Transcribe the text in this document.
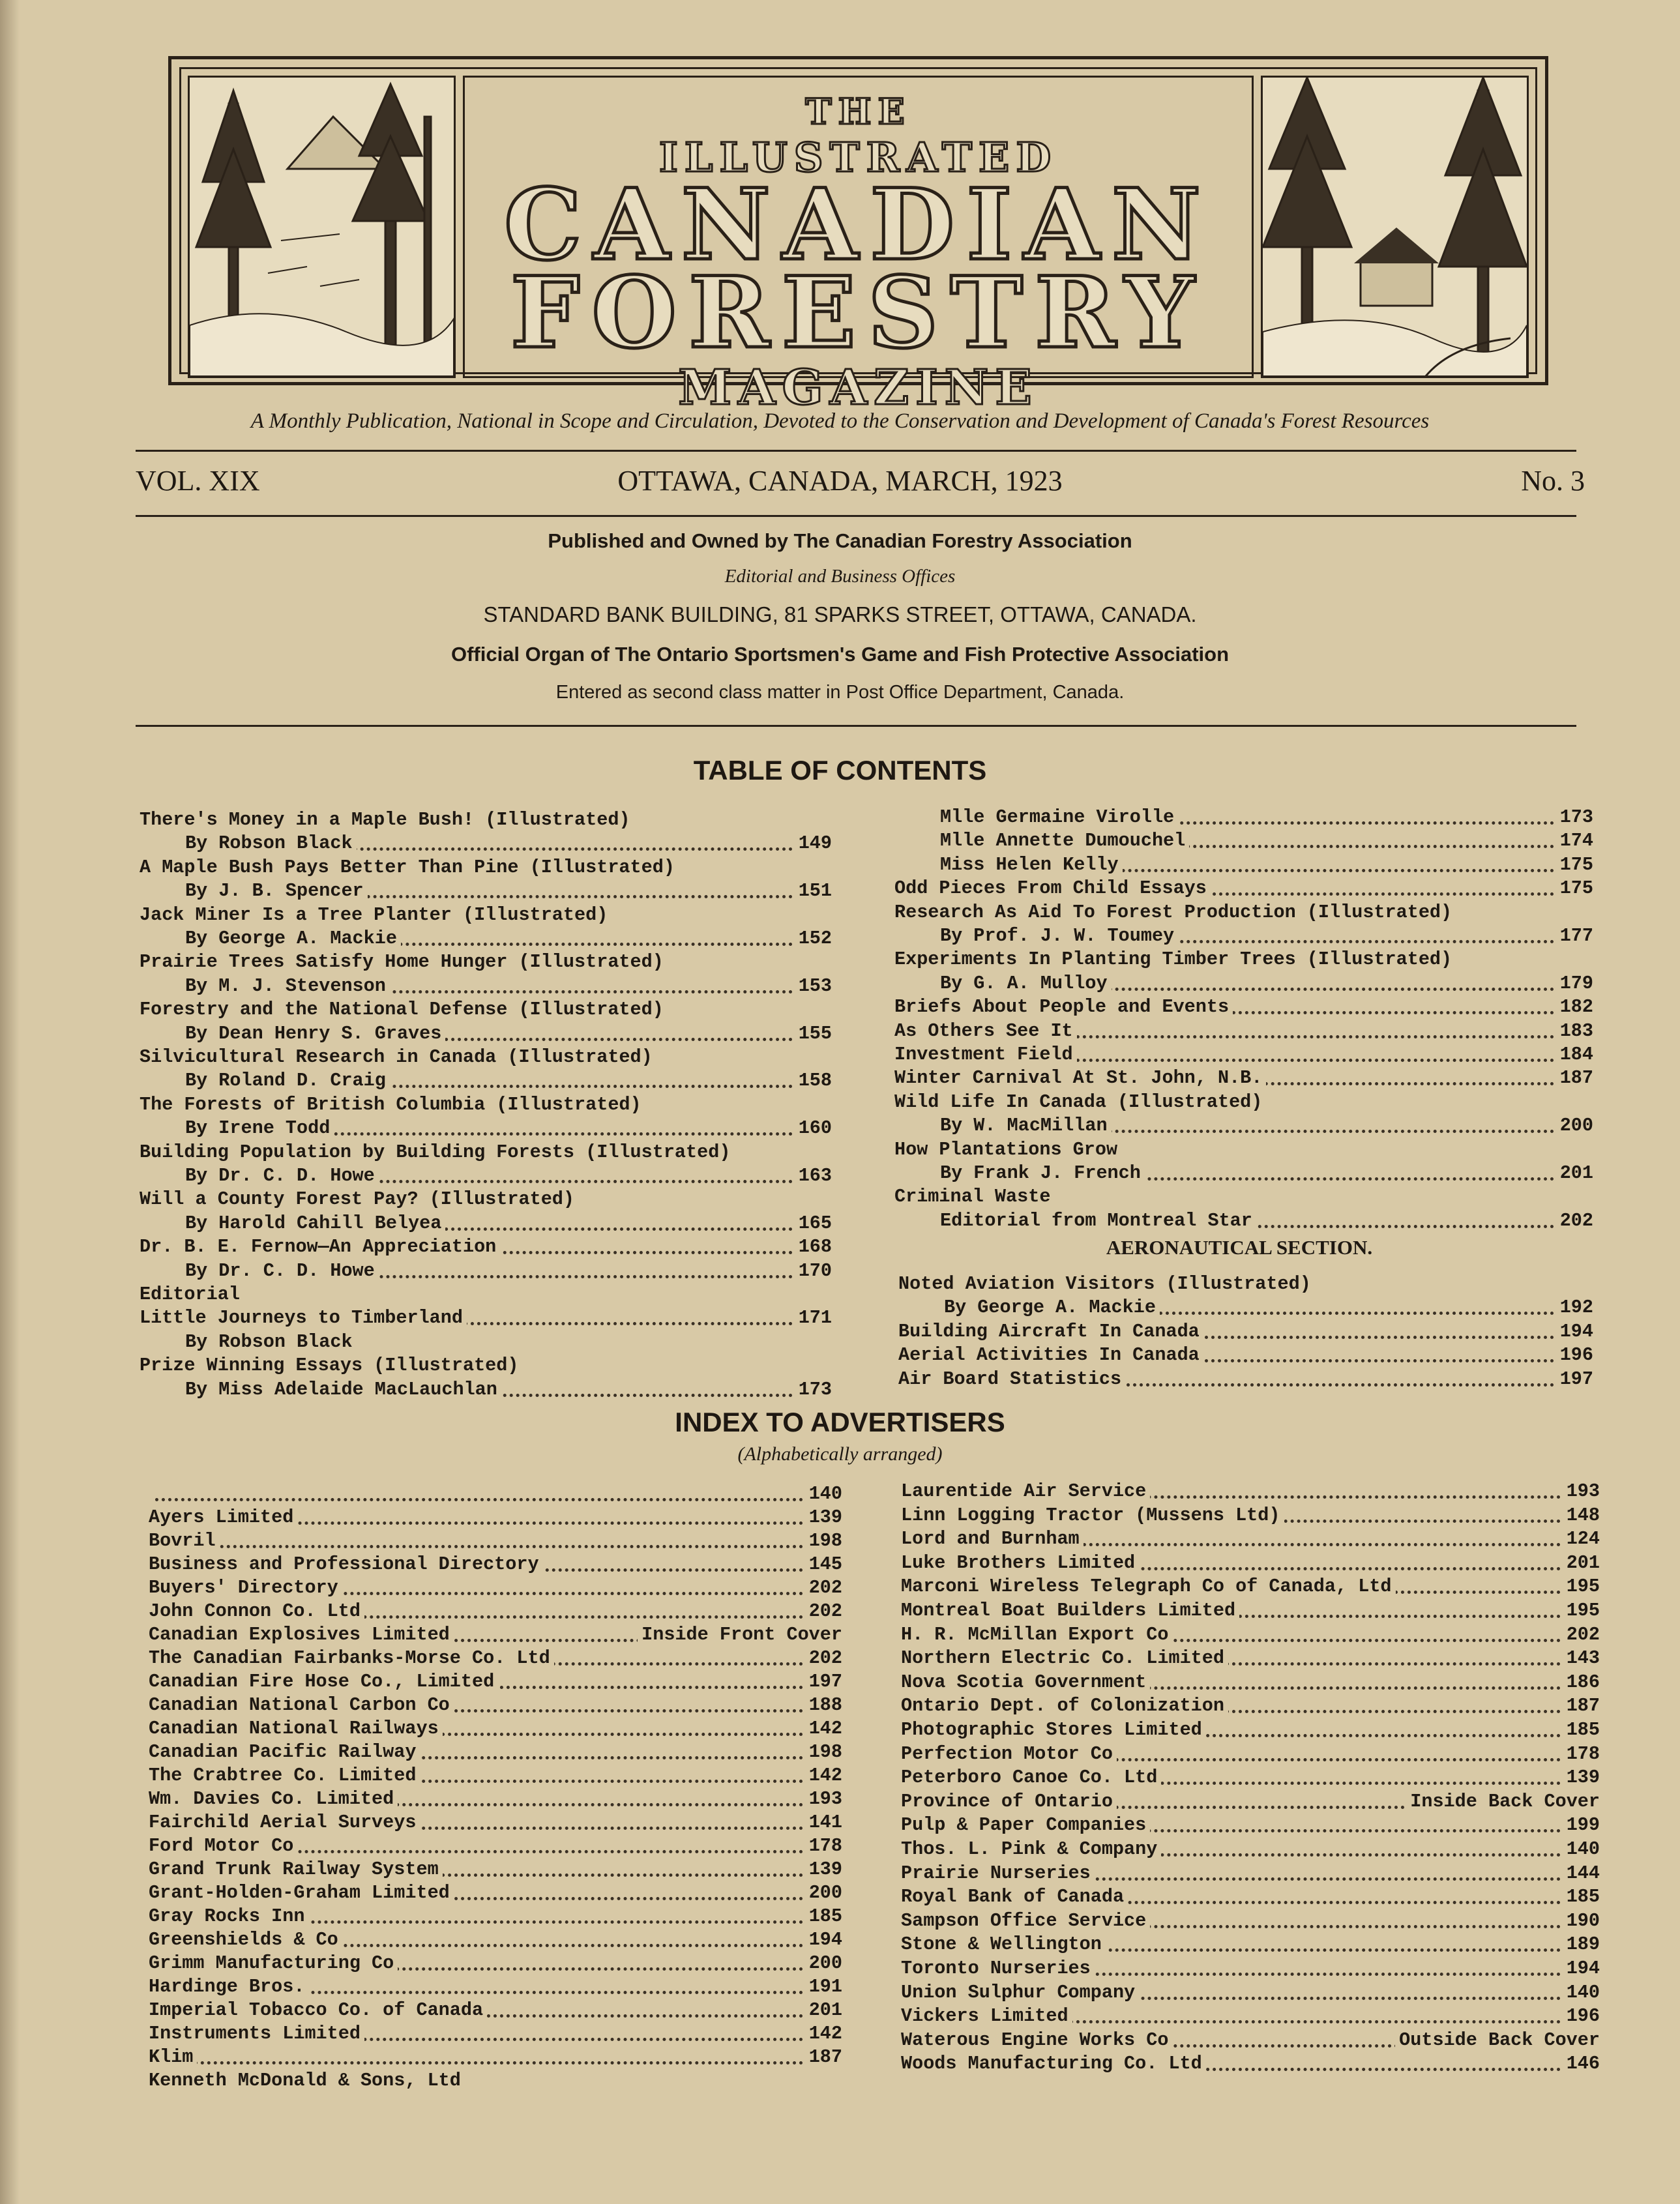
THE
ILLUSTRATED
CANADIAN
FORESTRY
MAGAZINE
A Monthly Publication, National in Scope and Circulation, Devoted to the Conservation and Development of Canada's Forest Resources
VOL. XIX	OTTAWA, CANADA, MARCH, 1923	No. 3
Published and Owned by The Canadian Forestry Association
Editorial and Business Offices
STANDARD BANK BUILDING, 81 SPARKS STREET, OTTAWA, CANADA.
Official Organ of The Ontario Sportsmen's Game and Fish Protective Association
Entered as second class matter in Post Office Department, Canada.
TABLE OF CONTENTS
There's Money in a Maple Bush! (Illustrated)
By Robson Black	149
A Maple Bush Pays Better Than Pine (Illustrated)
By J. B. Spencer	151
Jack Miner Is a Tree Planter (Illustrated)
By George A. Mackie	152
Prairie Trees Satisfy Home Hunger (Illustrated)
By M. J. Stevenson	153
Forestry and the National Defense (Illustrated)
By Dean Henry S. Graves	155
Silvicultural Research in Canada (Illustrated)
By Roland D. Craig	158
The Forests of British Columbia (Illustrated)
By Irene Todd	160
Building Population by Building Forests (Illustrated)
By Dr. C. D. Howe	163
Will a County Forest Pay? (Illustrated)
By Harold Cahill Belyea	165
Dr. B. E. Fernow—An Appreciation	168
By Dr. C. D. Howe	170
Editorial
Little Journeys to Timberland	171
By Robson Black
Prize Winning Essays (Illustrated)
By Miss Adelaide MacLauchlan	173
Mlle Germaine Virolle	173
Mlle Annette Dumouchel	174
Miss Helen Kelly	175
Odd Pieces From Child Essays	175
Research As Aid To Forest Production (Illustrated)
By Prof. J. W. Toumey	177
Experiments In Planting Timber Trees (Illustrated)
By G. A. Mulloy	179
Briefs About People and Events	182
As Others See It	183
Investment Field	184
Winter Carnival At St. John, N.B.	187
Wild Life In Canada (Illustrated)
By W. MacMillan	200
How Plantations Grow
By Frank J. French	201
Criminal Waste
Editorial from Montreal Star	202
AERONAUTICAL SECTION.
Noted Aviation Visitors (Illustrated)
By George A. Mackie	192
Building Aircraft In Canada	194
Aerial Activities In Canada	196
Air Board Statistics	197
INDEX TO ADVERTISERS
(Alphabetically arranged)
140
Ayers Limited	139
Bovril	198
Business and Professional Directory	145
Buyers' Directory	202
John Connon Co. Ltd	202
Canadian Explosives Limited	Inside Front Cover
The Canadian Fairbanks-Morse Co. Ltd	202
Canadian Fire Hose Co., Limited	197
Canadian National Carbon Co	188
Canadian National Railways	142
Canadian Pacific Railway	198
The Crabtree Co. Limited	142
Wm. Davies Co. Limited	193
Fairchild Aerial Surveys	141
Ford Motor Co	178
Grand Trunk Railway System	139
Grant-Holden-Graham Limited	200
Gray Rocks Inn	185
Greenshields & Co	194
Grimm Manufacturing Co	200
Hardinge Bros.	191
Imperial Tobacco Co. of Canada	201
Instruments Limited	142
Klim	187
Kenneth McDonald & Sons, Ltd
Laurentide Air Service	193
Linn Logging Tractor (Mussens Ltd)	148
Lord and Burnham	124
Luke Brothers Limited	201
Marconi Wireless Telegraph Co of Canada, Ltd	195
Montreal Boat Builders Limited	195
H. R. McMillan Export Co	202
Northern Electric Co. Limited	143
Nova Scotia Government	186
Ontario Dept. of Colonization	187
Photographic Stores Limited	185
Perfection Motor Co	178
Peterboro Canoe Co. Ltd	139
Province of Ontario	Inside Back Cover
Pulp & Paper Companies	199
Thos. L. Pink & Company	140
Prairie Nurseries	144
Royal Bank of Canada	185
Sampson Office Service	190
Stone & Wellington	189
Toronto Nurseries	194
Union Sulphur Company	140
Vickers Limited	196
Waterous Engine Works Co	Outside Back Cover
Woods Manufacturing Co. Ltd	146
